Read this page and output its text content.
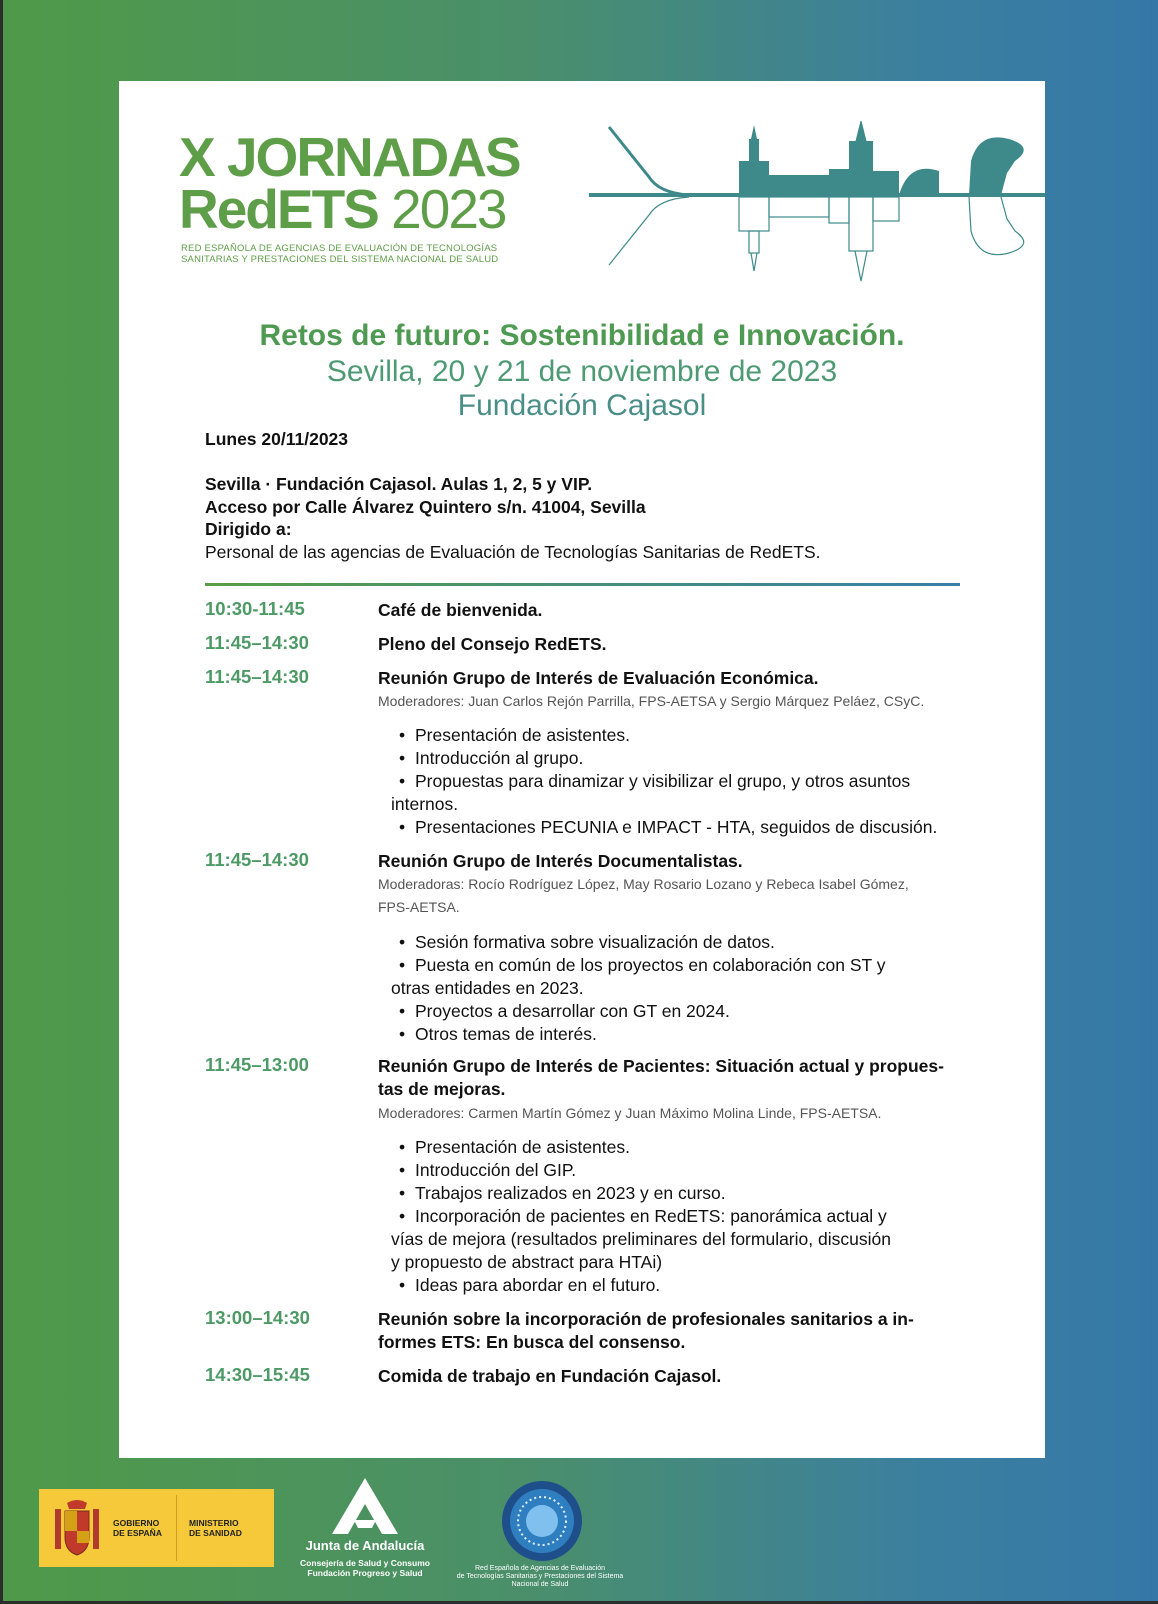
X JORNADAS
RedETS 2023
RED ESPAÑOLA DE AGENCIAS DE EVALUACIÓN DE TECNOLOGÍAS
SANITARIAS Y PRESTACIONES DEL SISTEMA NACIONAL DE SALUD
Retos de futuro: Sostenibilidad e Innovación.
Sevilla, 20 y 21 de noviembre de 2023
Fundación Cajasol
Lunes 20/11/2023
Sevilla · Fundación Cajasol. Aulas 1, 2, 5 y VIP.
Acceso por Calle Álvarez Quintero s/n. 41004, Sevilla
Dirigido a:
Personal de las agencias de Evaluación de Tecnologías Sanitarias de RedETS.
10:30-11:45	Café de bienvenida.
11:45–14:30	Pleno del Consejo RedETS.
11:45–14:30	Reunión Grupo de Interés de Evaluación Económica.
Moderadores: Juan Carlos Rejón Parrilla, FPS-AETSA y Sergio Márquez Peláez, CSyC.
• Presentación de asistentes.
• Introducción al grupo.
• Propuestas para dinamizar y visibilizar el grupo, y otros asuntos
internos.
• Presentaciones PECUNIA e IMPACT - HTA, seguidos de discusión.
11:45–14:30	Reunión Grupo de Interés Documentalistas.
Moderadoras: Rocío Rodríguez López, May Rosario Lozano y Rebeca Isabel Gómez,
FPS-AETSA.
• Sesión formativa sobre visualización de datos.
• Puesta en común de los proyectos en colaboración con ST y
otras entidades en 2023.
• Proyectos a desarrollar con GT en 2024.
• Otros temas de interés.
11:45–13:00	Reunión Grupo de Interés de Pacientes: Situación actual y propues-
tas de mejoras.
Moderadores: Carmen Martín Gómez y Juan Máximo Molina Linde, FPS-AETSA.
• Presentación de asistentes.
• Introducción del GIP.
• Trabajos realizados en 2023 y en curso.
• Incorporación de pacientes en RedETS: panorámica actual y
vías de mejora (resultados preliminares del formulario, discusión
y propuesto de abstract para HTAi)
• Ideas para abordar en el futuro.
13:00–14:30	Reunión sobre la incorporación de profesionales sanitarios a in-
formes ETS: En busca del consenso.
14:30–15:45	Comida de trabajo en Fundación Cajasol.
GOBIERNO
DE ESPAÑA
MINISTERIO
DE SANIDAD
Junta de Andalucía
Consejería de Salud y Consumo
Fundación Progreso y Salud	Red Española de Agencias de Evaluación
de Tecnologías Sanitarias y Prestaciones del Sistema Nacional de Salud
